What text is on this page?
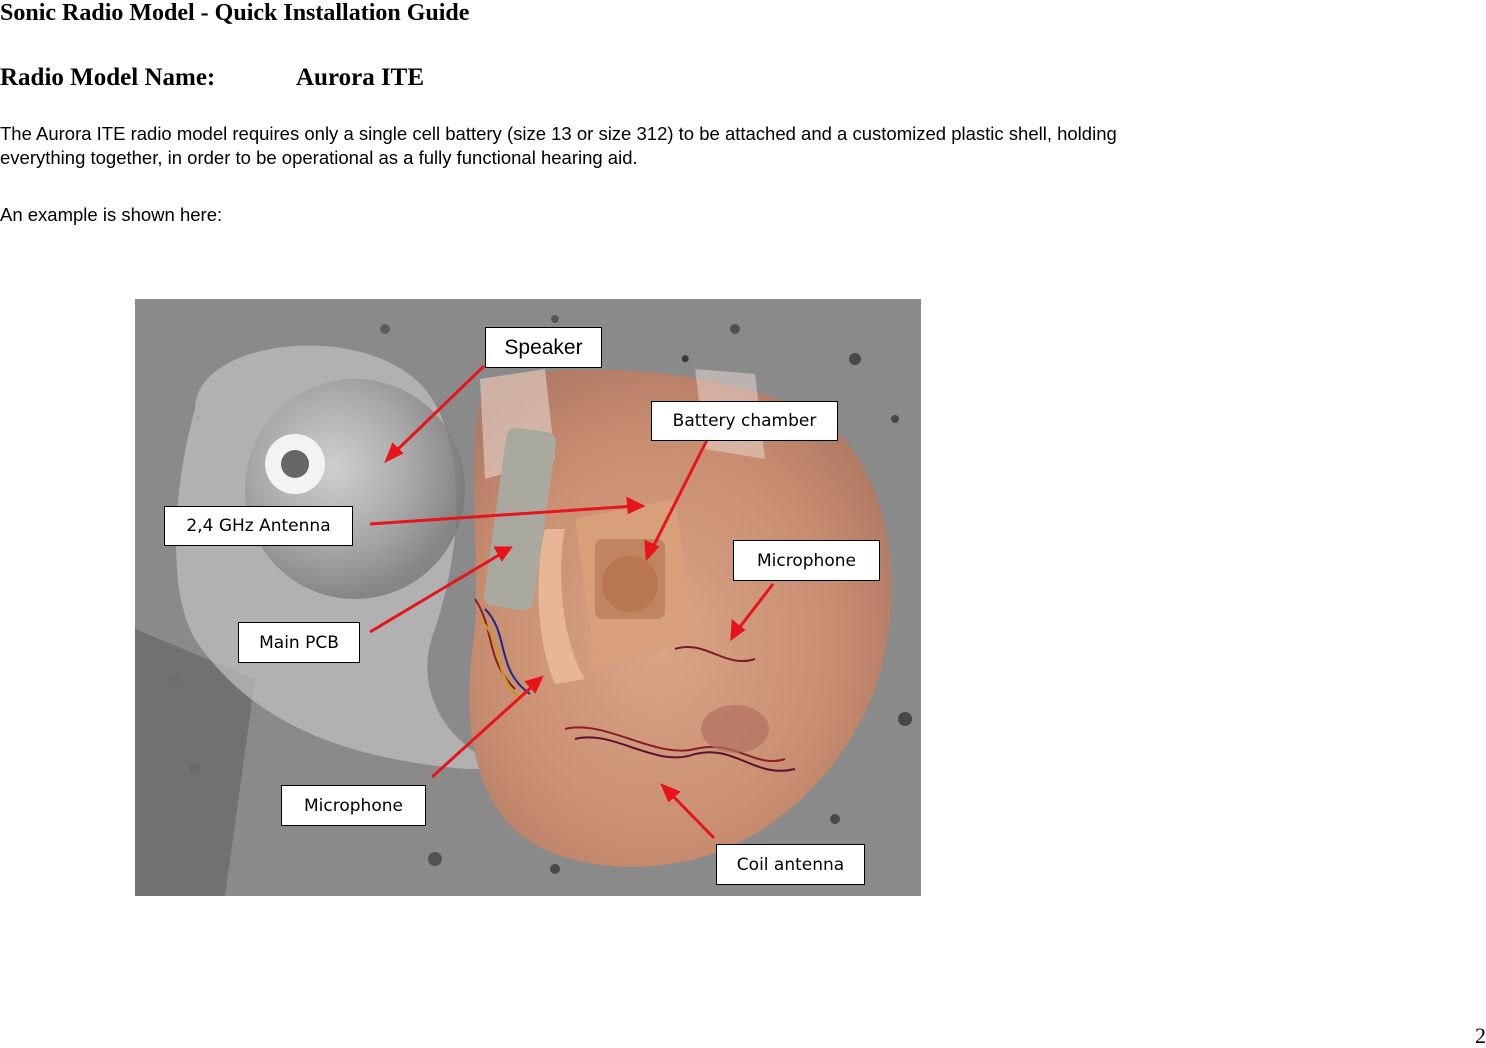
Sonic Radio Model - Quick Installation Guide
Radio Model Name:	Aurora ITE

The Aurora ITE radio model requires only a single cell battery (size 13 or size 312) to be attached and a customized plastic shell, holding

everything together, in order to be operational as a fully functional hearing aid.

An example is shown here:

Speaker
Battery chamber
2,4 GHz Antenna
Microphone
Main PCB
Microphone
Coil antenna
2
